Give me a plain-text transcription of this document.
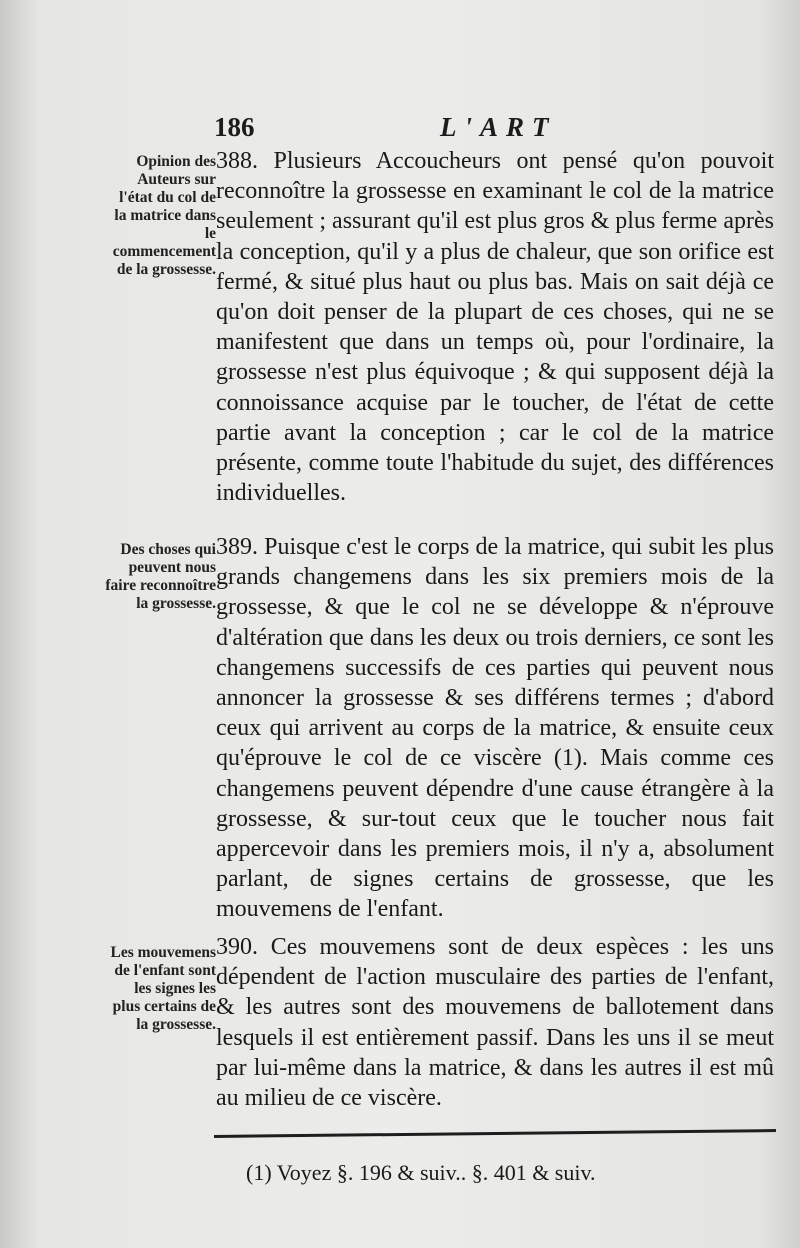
186	L'ART
Opinion des Auteurs sur l'état du col de la matrice dans le commencement de la grossesse.
388. Plusieurs Accoucheurs ont pensé qu'on pouvoit reconnoître la grossesse en examinant le col de la matrice seulement ; assurant qu'il est plus gros & plus ferme après la conception, qu'il y a plus de chaleur, que son orifice est fermé, & situé plus haut ou plus bas. Mais on sait déjà ce qu'on doit penser de la plupart de ces choses, qui ne se manifestent que dans un temps où, pour l'ordinaire, la grossesse n'est plus équivoque ; & qui supposent déjà la connoissance acquise par le toucher, de l'état de cette partie avant la conception ; car le col de la matrice présente, comme toute l'habitude du sujet, des différences individuelles.
Des choses qui peuvent nous faire reconnoître la grossesse.
389. Puisque c'est le corps de la matrice, qui subit les plus grands changemens dans les six premiers mois de la grossesse, & que le col ne se développe & n'éprouve d'altération que dans les deux ou trois derniers, ce sont les changemens successifs de ces parties qui peuvent nous annoncer la grossesse & ses différens termes ; d'abord ceux qui arrivent au corps de la matrice, & ensuite ceux qu'éprouve le col de ce viscère (1). Mais comme ces changemens peuvent dépendre d'une cause étrangère à la grossesse, & sur-tout ceux que le toucher nous fait appercevoir dans les premiers mois, il n'y a, absolument parlant, de signes certains de grossesse, que les mouvemens de l'enfant.
Les mouvemens de l'enfant sont les signes les plus certains de la grossesse.
390. Ces mouvemens sont de deux espèces : les uns dépendent de l'action musculaire des parties de l'enfant, & les autres sont des mouvemens de ballotement dans lesquels il est entièrement passif. Dans les uns il se meut par lui-même dans la matrice, & dans les autres il est mû au milieu de ce viscère.
(1) Voyez §. 196 & suiv.. §. 401 & suiv.
